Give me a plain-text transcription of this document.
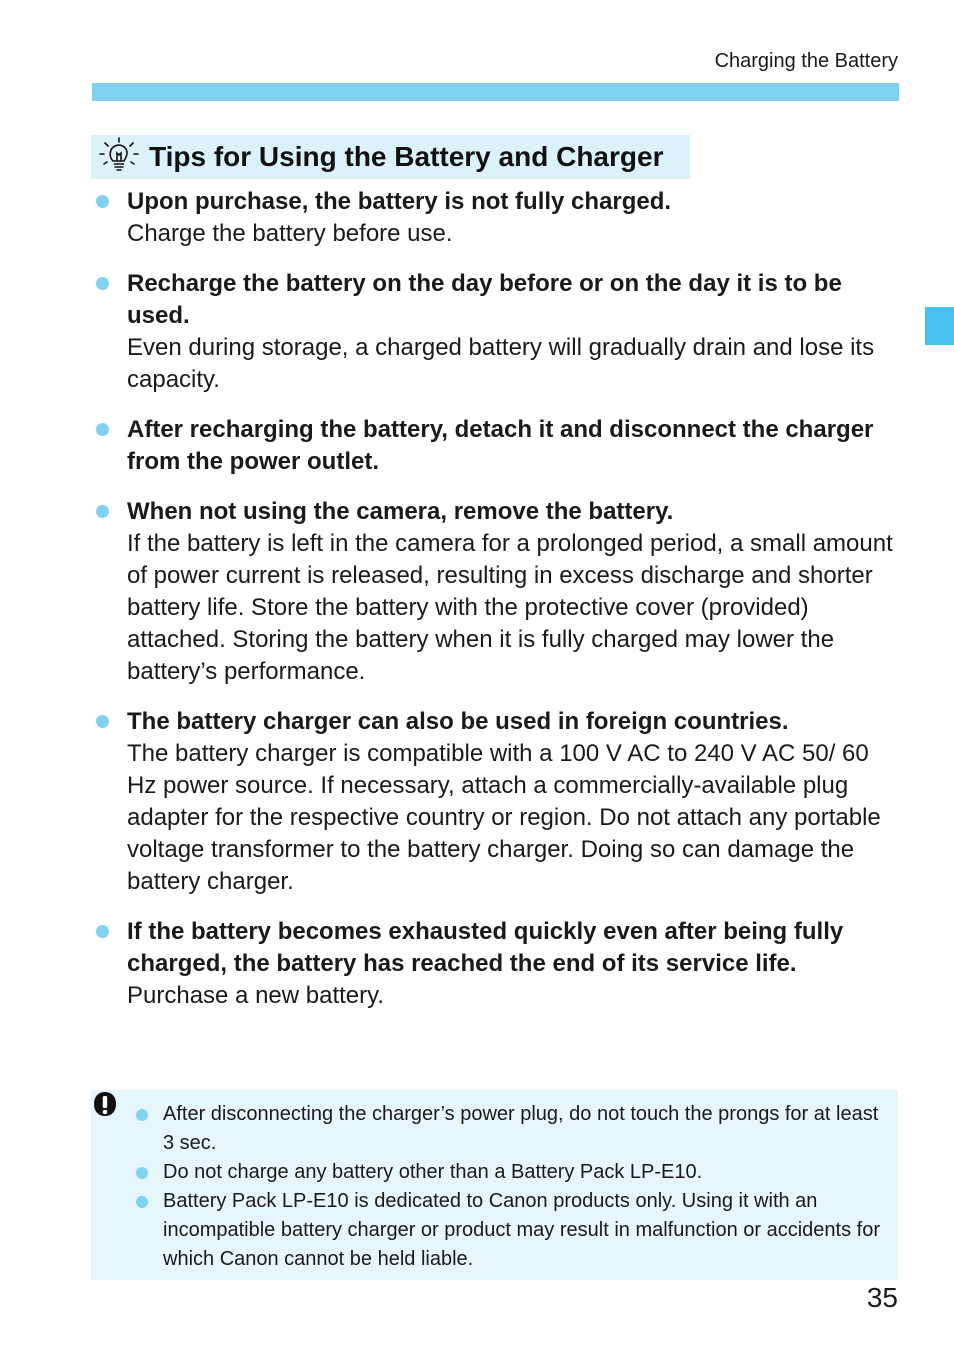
Charging the Battery
Tips for Using the Battery and Charger
Upon purchase, the battery is not fully charged.
Charge the battery before use.
Recharge the battery on the day before or on the day it is to be used.
Even during storage, a charged battery will gradually drain and lose its capacity.
After recharging the battery, detach it and disconnect the charger from the power outlet.
When not using the camera, remove the battery.
If the battery is left in the camera for a prolonged period, a small amount of power current is released, resulting in excess discharge and shorter battery life. Store the battery with the protective cover (provided) attached. Storing the battery when it is fully charged may lower the battery’s performance.
The battery charger can also be used in foreign countries.
The battery charger is compatible with a 100 V AC to 240 V AC 50/ 60 Hz power source. If necessary, attach a commercially-available plug adapter for the respective country or region. Do not attach any portable voltage transformer to the battery charger. Doing so can damage the battery charger.
If the battery becomes exhausted quickly even after being fully charged, the battery has reached the end of its service life.
Purchase a new battery.
After disconnecting the charger’s power plug, do not touch the prongs for at least 3 sec.
Do not charge any battery other than a Battery Pack LP-E10.
Battery Pack LP-E10 is dedicated to Canon products only. Using it with an incompatible battery charger or product may result in malfunction or accidents for which Canon cannot be held liable.
35
